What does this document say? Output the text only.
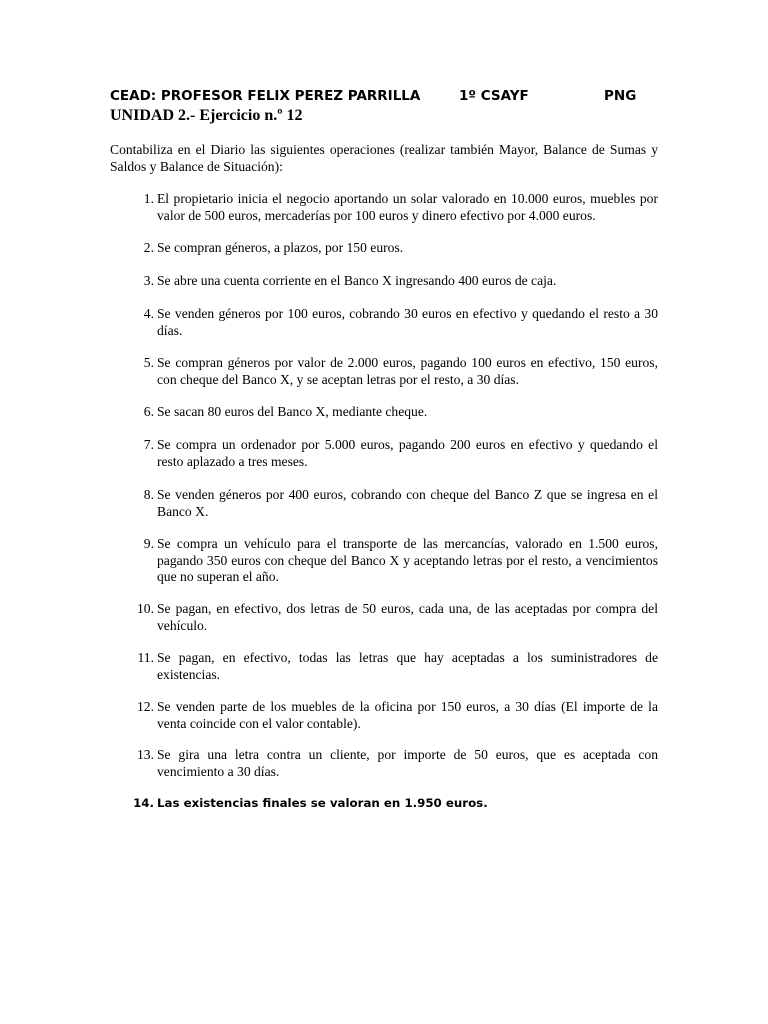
CEAD: PROFESOR FELIX PEREZ PARRILLA	1º CSAYF	PNG
UNIDAD 2.- Ejercicio n.º 12

Contabiliza en el Diario las siguientes operaciones (realizar también Mayor, Balance de Sumas y Saldos y Balance de Situación):

1. El propietario inicia el negocio aportando un solar valorado en 10.000 euros, muebles por valor de 500 euros, mercaderías por 100 euros y dinero efectivo por 4.000 euros.
2. Se compran géneros, a plazos, por 150 euros.
3. Se abre una cuenta corriente en el Banco X ingresando 400 euros de caja.
4. Se venden géneros por 100 euros, cobrando 30 euros en efectivo y quedando el resto a 30 días.
5. Se compran géneros por valor de 2.000 euros, pagando 100 euros en efectivo, 150 euros, con cheque del Banco X, y se aceptan letras por el resto, a 30 días.
6. Se sacan 80 euros del Banco X, mediante cheque.
7. Se compra un ordenador por 5.000 euros, pagando 200 euros en efectivo y quedando el resto aplazado a tres meses.
8. Se venden géneros por 400 euros, cobrando con cheque del Banco Z que se ingresa en el Banco X.
9. Se compra un vehículo para el transporte de las mercancías, valorado en 1.500 euros, pagando 350 euros con cheque del Banco X y aceptando letras por el resto, a vencimientos que no superan el año.
10. Se pagan, en efectivo, dos letras de 50 euros, cada una, de las aceptadas por compra del vehículo.
11. Se pagan, en efectivo, todas las letras que hay aceptadas a los suministradores de existencias.
12. Se venden parte de los muebles de la oficina por 150 euros, a 30 días (El importe de la venta coincide con el valor contable).
13. Se gira una letra contra un cliente, por importe de 50 euros, que es aceptada con vencimiento a 30 días.
14. Las existencias finales se valoran en 1.950 euros.
